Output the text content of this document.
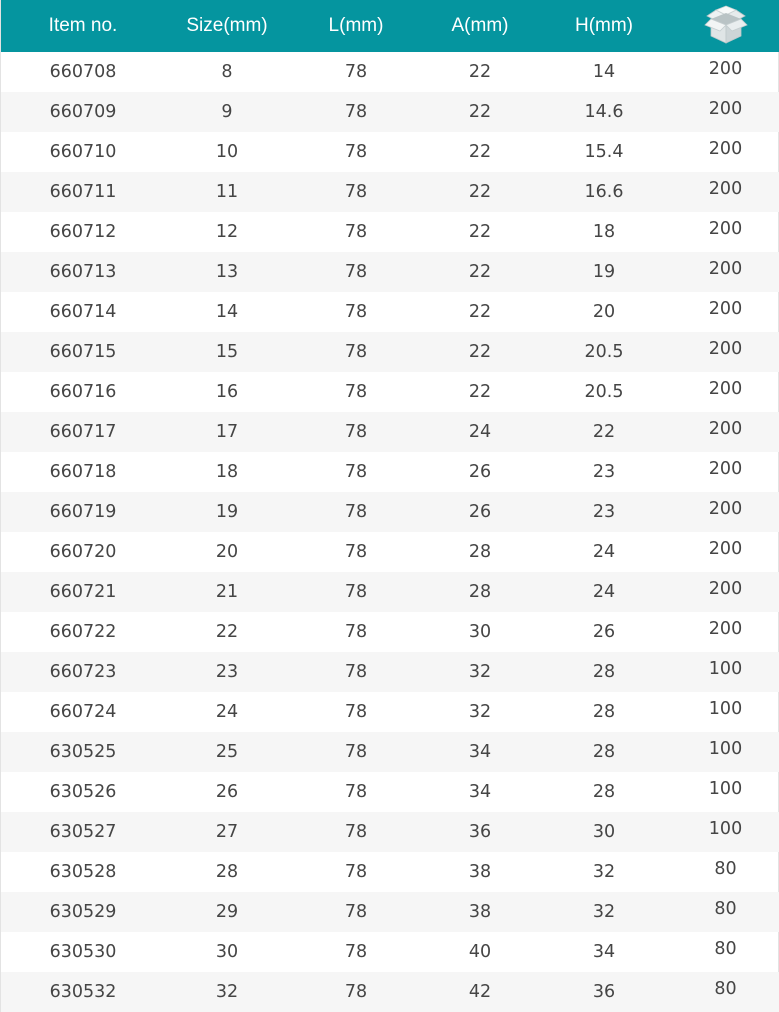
Item no.	Size(mm)	L(mm)	A(mm)	H(mm)	
660708	8	78	22	14	200
660709	9	78	22	14.6	200
660710	10	78	22	15.4	200
660711	11	78	22	16.6	200
660712	12	78	22	18	200
660713	13	78	22	19	200
660714	14	78	22	20	200
660715	15	78	22	20.5	200
660716	16	78	22	20.5	200
660717	17	78	24	22	200
660718	18	78	26	23	200
660719	19	78	26	23	200
660720	20	78	28	24	200
660721	21	78	28	24	200
660722	22	78	30	26	200
660723	23	78	32	28	100
660724	24	78	32	28	100
630525	25	78	34	28	100
630526	26	78	34	28	100
630527	27	78	36	30	100
630528	28	78	38	32	80
630529	29	78	38	32	80
630530	30	78	40	34	80
630532	32	78	42	36	80
